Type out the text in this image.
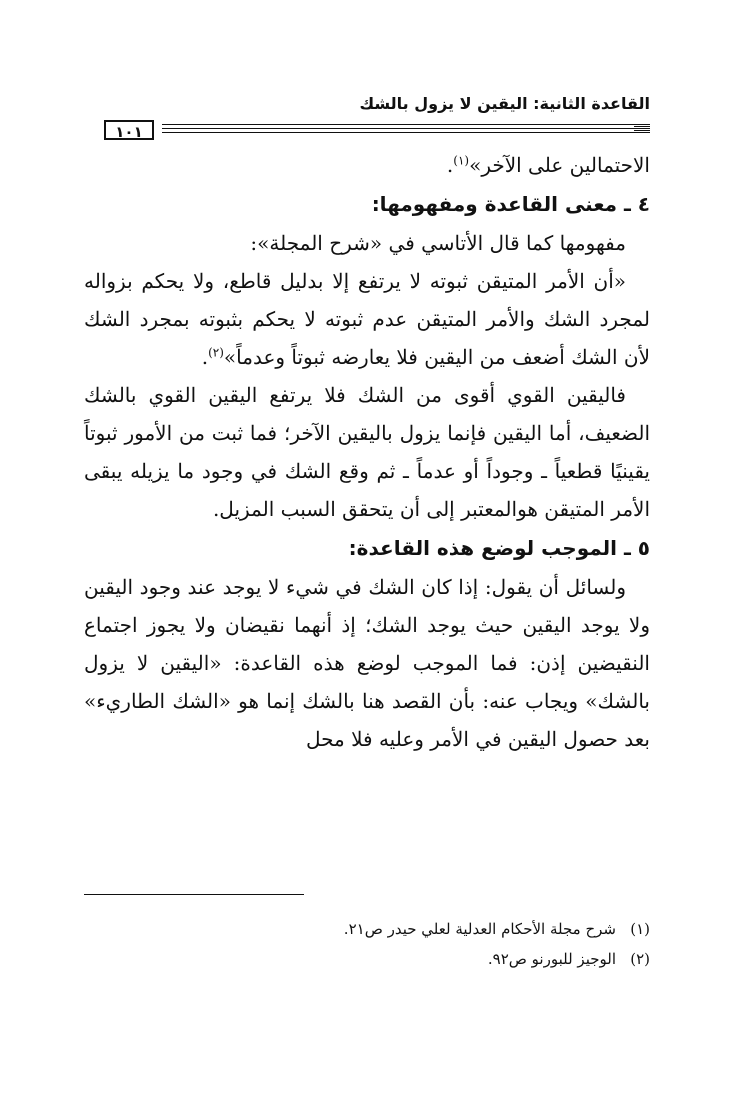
القاعدة الثانية: اليقين لا يزول بالشك
١٠١

الاحتمالين على الآخر»$^{(١)}$.

٤ ـ معنى القاعدة ومفهومها:

مفهومها كما قال الأتاسي في «شرح المجلة»:

«أن الأمر المتيقن ثبوته لا يرتفع إلا بدليل قاطع، ولا يحكم بزواله لمجرد الشك والأمر المتيقن عدم ثبوته لا يحكم بثبوته بمجرد الشك لأن الشك أضعف من اليقين فلا يعارضه ثبوتاً وعدماً»$^{(٢)}$.

فاليقين القوي أقوى من الشك فلا يرتفع اليقين القوي بالشك الضعيف، أما اليقين فإنما يزول باليقين الآخر؛ فما ثبت من الأمور ثبوتاً يقينيًا قطعياً ـ وجوداً أو عدماً ـ ثم وقع الشك في وجود ما يزيله يبقى الأمر المتيقن هوالمعتبر إلى أن يتحقق السبب المزيل.

٥ ـ الموجب لوضع هذه القاعدة:

ولسائل أن يقول: إذا كان الشك في شيء لا يوجد عند وجود اليقين ولا يوجد اليقين حيث يوجد الشك؛ إذ أنهما نقيضان ولا يجوز اجتماع النقيضين إذن: فما الموجب لوضع هذه القاعدة: «اليقين لا يزول بالشك» ويجاب عنه: بأن القصد هنا بالشك إنما هو «الشك الطاريء» بعد حصول اليقين في الأمر وعليه فلا محل

(١)شرح مجلة الأحكام العدلية لعلي حيدر ص٢١.

(٢)الوجيز للبورنو ص٩٢.
